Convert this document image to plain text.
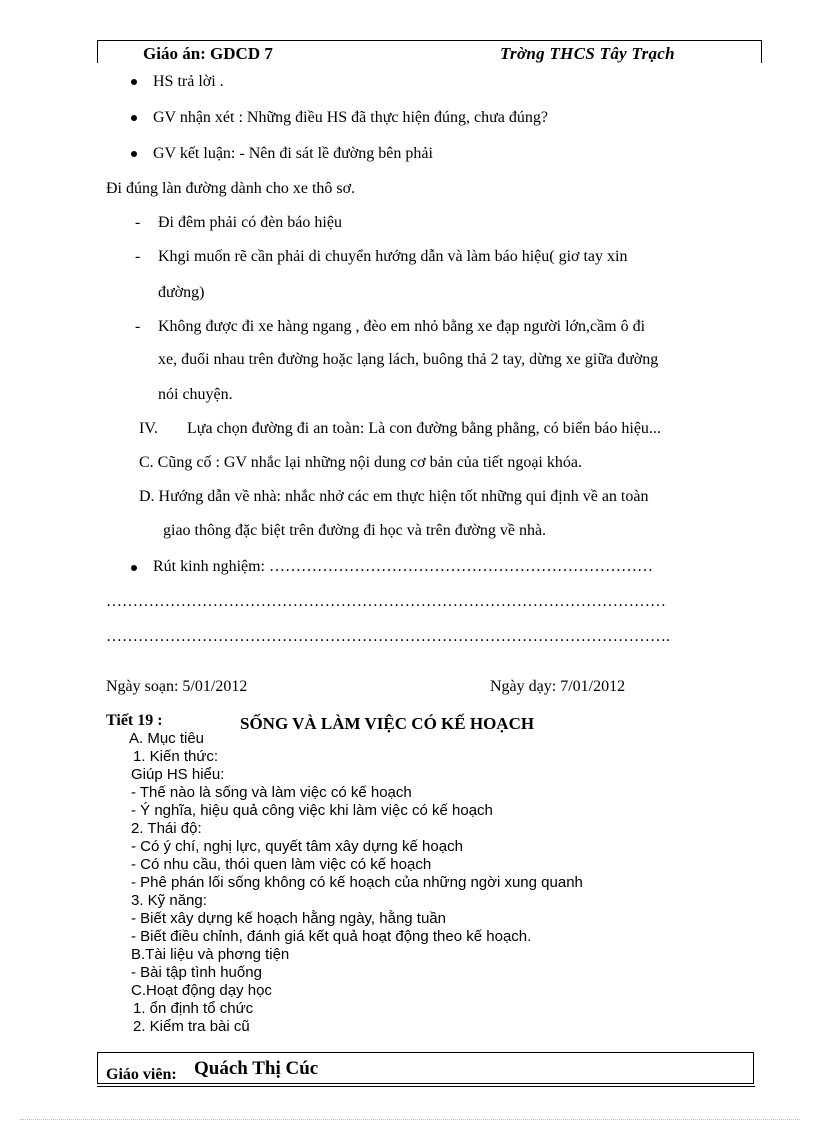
Giáo án: GDCD 7	Trờng THCS Tây Trạch
HS trả lời .
GV nhận xét : Những điều HS đã thực hiện đúng, chưa đúng?
GV kết luận: - Nên đi sát lề đường bên phải
Đi đúng làn đường dành cho xe thô sơ.
- Đi đêm phải có đèn báo hiệu
- Khgi muốn rẽ cần phải di chuyển hướng dẫn và làm báo hiệu( giơ tay xin
đường)
- Không được đi xe hàng ngang , đèo em nhỏ bằng xe đạp người lớn,cầm ô đi
xe, đuổi nhau trên đường hoặc lạng lách, buông thả 2 tay, dừng xe giữa đường
nói chuyện.
IV. Lựa chọn đường đi an toàn: Là con đường bằng phẳng, có biển báo hiệu...
C. Cũng cố : GV nhắc lại những nội dung cơ bản của tiết ngoại khóa.
D. Hướng dẫn về nhà: nhắc nhở các em thực hiện tốt những qui định về an toàn
giao thông đặc biệt trên đường đi học và trên đường về nhà.
Rút kinh nghiệm: ………………………………………………………………
……………………………………………………………………………………………
…………………………………………………………………………………………….
Ngày soạn: 5/01/2012	Ngày dạy: 7/01/2012
Tiết 19 :	SỐNG VÀ LÀM VIỆC CÓ KẾ HOẠCH
A. Mục tiêu
1. Kiến thức:
Giúp HS hiểu:
- Thế nào là sống và làm việc có kế hoạch
- Ý nghĩa, hiệu quả công việc khi làm việc có kế hoạch
2. Thái độ:
- Có ý chí, nghị lực, quyết tâm xây dựng kế hoạch
- Có nhu cầu, thói quen làm việc có kế hoạch
- Phê phán lối sống không có kế hoạch của những ngời xung quanh
3. Kỹ năng:
- Biết xây dựng kế hoạch hằng ngày, hằng tuần
- Biết điều chỉnh, đánh giá kết quả hoạt động theo kế hoạch.
B.Tài liệu và phơng tiện
- Bài tập tình huống
C.Hoạt động dạy học
1. ổn định tổ chức
2. Kiểm tra bài cũ
Giáo viên: Quách Thị Cúc
